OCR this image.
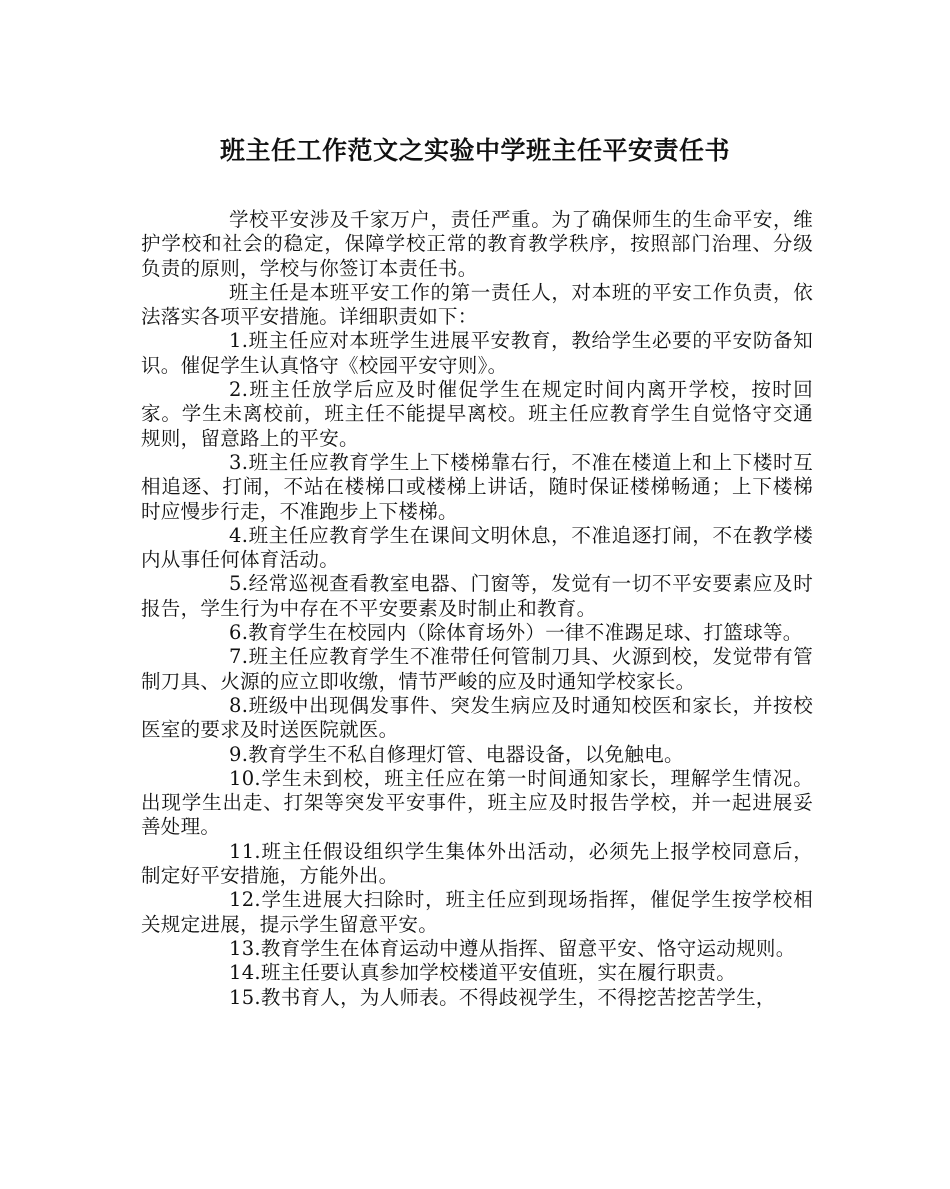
班主任工作范文之实验中学班主任平安责任书

学校平安涉及千家万户，责任严重。为了确保师生的生命平安，维护学校和社会的稳定，保障学校正常的教育教学秩序，按照部门治理、分级负责的原则，学校与你签订本责任书。

班主任是本班平安工作的第一责任人，对本班的平安工作负责，依法落实各项平安措施。详细职责如下：

1.班主任应对本班学生进展平安教育，教给学生必要的平安防备知识。催促学生认真恪守《校园平安守则》。

2.班主任放学后应及时催促学生在规定时间内离开学校，按时回家。学生未离校前，班主任不能提早离校。班主任应教育学生自觉恪守交通规则，留意路上的平安。

3.班主任应教育学生上下楼梯靠右行，不准在楼道上和上下楼时互相追逐、打闹，不站在楼梯口或楼梯上讲话，随时保证楼梯畅通；上下楼梯时应慢步行走，不准跑步上下楼梯。

4.班主任应教育学生在课间文明休息，不准追逐打闹，不在教学楼内从事任何体育活动。

5.经常巡视查看教室电器、门窗等，发觉有一切不平安要素应及时报告，学生行为中存在不平安要素及时制止和教育。

6.教育学生在校园内（除体育场外）一律不准踢足球、打篮球等。

7.班主任应教育学生不准带任何管制刀具、火源到校，发觉带有管制刀具、火源的应立即收缴，情节严峻的应及时通知学校家长。

8.班级中出现偶发事件、突发生病应及时通知校医和家长，并按校医室的要求及时送医院就医。

9.教育学生不私自修理灯管、电器设备，以免触电。

10.学生未到校，班主任应在第一时间通知家长，理解学生情况。出现学生出走、打架等突发平安事件，班主应及时报告学校，并一起进展妥善处理。

11.班主任假设组织学生集体外出活动，必须先上报学校同意后，制定好平安措施，方能外出。

12.学生进展大扫除时，班主任应到现场指挥，催促学生按学校相关规定进展，提示学生留意平安。

13.教育学生在体育运动中遵从指挥、留意平安、恪守运动规则。

14.班主任要认真参加学校楼道平安值班，实在履行职责。

15.教书育人，为人师表。不得歧视学生，不得挖苦挖苦学生，
